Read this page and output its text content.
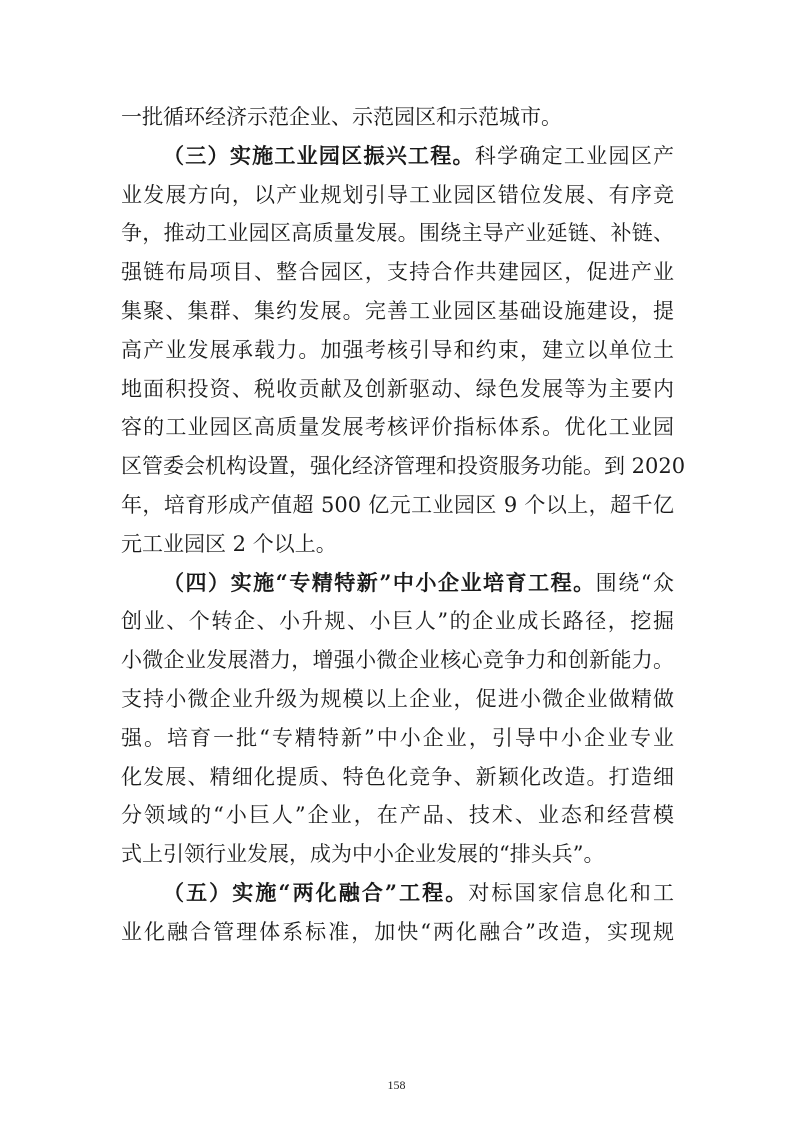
一批循环经济示范企业、示范园区和示范城市。
（三）实施工业园区振兴工程。科学确定工业园区产
业发展方向，以产业规划引导工业园区错位发展、有序竞
争，推动工业园区高质量发展。围绕主导产业延链、补链、
强链布局项目、整合园区，支持合作共建园区，促进产业
集聚、集群、集约发展。完善工业园区基础设施建设，提
高产业发展承载力。加强考核引导和约束，建立以单位土
地面积投资、税收贡献及创新驱动、绿色发展等为主要内
容的工业园区高质量发展考核评价指标体系。优化工业园
区管委会机构设置，强化经济管理和投资服务功能。到 2020
年，培育形成产值超 500 亿元工业园区 9 个以上，超千亿
元工业园区 2 个以上。
（四）实施“专精特新”中小企业培育工程。围绕“众
创业、个转企、小升规、小巨人”的企业成长路径，挖掘
小微企业发展潜力，增强小微企业核心竞争力和创新能力。
支持小微企业升级为规模以上企业，促进小微企业做精做
强。培育一批“专精特新”中小企业，引导中小企业专业
化发展、精细化提质、特色化竞争、新颖化改造。打造细
分领域的“小巨人”企业，在产品、技术、业态和经营模
式上引领行业发展，成为中小企业发展的“排头兵”。
（五）实施“两化融合”工程。对标国家信息化和工
业化融合管理体系标准，加快“两化融合”改造，实现规
158
